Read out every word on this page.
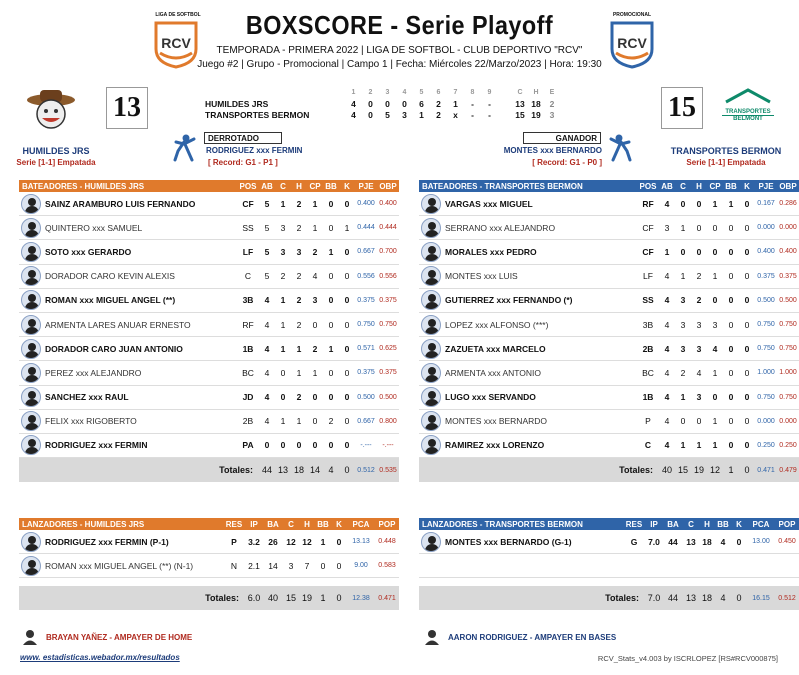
LIGA DE SOFTBOL
RCV
PROMOCIONAL
RCV
BOXSCORE - Serie Playoff
TEMPORADA - PRIMERA 2022 | LIGA DE SOFTBOL - CLUB DEPORTIVO "RCV"
Juego #2 | Grupo - Promocional | Campo 1 | Fecha: Miércoles 22/Marzo/2023 | Hora: 19:30
13
HUMILDES JRS
Serie [1-1] Empatada
TRANSPORTES
BELMONT
15
TRANSPORTES BERMON
Serie [1-1] Empatada
	1	2	3	4	5	6	7	8	9		C	H	E
HUMILDES JRS	4	0	0	0	6	2	1	-	-		13	18	2
TRANSPORTES BERMON	4	0	5	3	1	2	x	-	-		15	19	3
DERROTADO
RODRIGUEZ xxx FERMIN
[ Record: G1 - P1 ]
GANADOR
MONTES xxx BERNARDO
[ Record: G1 - P0 ]
BATEADORES - HUMILDES JRS	POS AB C	H CP BB K	PJE OBP
SAINZ ARAMBURO LUIS FERNANDO	CF	5	1	2	1	0	0	0.400 0.400
QUINTERO xxx SAMUEL	SS	5	3	2	1	0	1	0.444 0.444
SOTO xxx GERARDO	LF	5	3	3	2	1	0	0.667 0.700
DORADOR CARO KEVIN ALEXIS	C	5	2	2	4	0	0	0.556 0.556
ROMAN xxx MIGUEL ANGEL (**)	3B	4	1	2	3	0	0	0.375 0.375
ARMENTA LARES ANUAR ERNESTO	RF	4	1	2	0	0	0	0.750 0.750
DORADOR CARO JUAN ANTONIO	1B	4	1	1	2	1	0	0.571 0.625
PEREZ xxx ALEJANDRO	BC	4	0	1	1	0	0	0.375 0.375
SANCHEZ xxx RAUL	JD	4	0	2	0	0	0	0.500 0.500
FELIX xxx RIGOBERTO	2B	4	1	1	0	2	0	0.667 0.800
RODRIGUEZ xxx FERMIN	PA	0	0	0	0	0	0	-.---	-.---
Totales: 44 13 18 14 4	0	0.512 0.535
BATEADORES - TRANSPORTES BERMON	POS AB C	H CP BB K	PJE OBP
VARGAS xxx MIGUEL	RF	4	0	0	1	1	0	0.167 0.286
SERRANO xxx ALEJANDRO	CF	3	1	0	0	0	0	0.000 0.000
MORALES xxx PEDRO	CF	1	0	0	0	0	0	0.400 0.400
MONTES xxx LUIS	LF	4	1	2	1	0	0	0.375 0.375
GUTIERREZ xxx FERNANDO (*)	SS	4	3	2	0	0	0	0.500 0.500
LOPEZ xxx ALFONSO (***)	3B	4	3	3	3	0	0	0.750 0.750
ZAZUETA xxx MARCELO	2B	4	3	3	4	0	0	0.750 0.750
ARMENTA xxx ANTONIO	BC	4	2	4	1	0	0	1.000 1.000
LUGO xxx SERVANDO	1B	4	1	3	0	0	0	0.750 0.750
MONTES xxx BERNARDO	P	4	0	0	1	0	0	0.000 0.000
RAMIREZ xxx LORENZO	C	4	1	1	1	0	0	0.250 0.250
Totales: 40 15 19 12 1	0	0.471 0.479
LANZADORES - HUMILDES JRS	RES	IP	BA	C	H BB K	PCA	POP
RODRIGUEZ xxx FERMIN (P-1)	P	3.2 26	12 12	1	0	13.13	0.448
ROMAN xxx MIGUEL ANGEL (**) (N-1)	N	2.1 14	3	7	0	0	9.00	0.583
Totales: 6.0 40 15 19 1	0	12.38	0.471
LANZADORES - TRANSPORTES BERMON	RES	IP	BA	C	H BB K	PCA	POP
MONTES xxx BERNARDO (G-1)	G	7.0 44	13 18	4	0	13.00	0.450
Totales: 7.0 44 13 18 4	0	16.15	0.512
BRAYAN YAÑEZ - AMPAYER DE HOME	AARON RODRIGUEZ - AMPAYER EN BASES
www. estadisticas.webador.mx/resultados	RCV_Stats_v4.003 by ISCRLOPEZ [RS#RCV000875]
